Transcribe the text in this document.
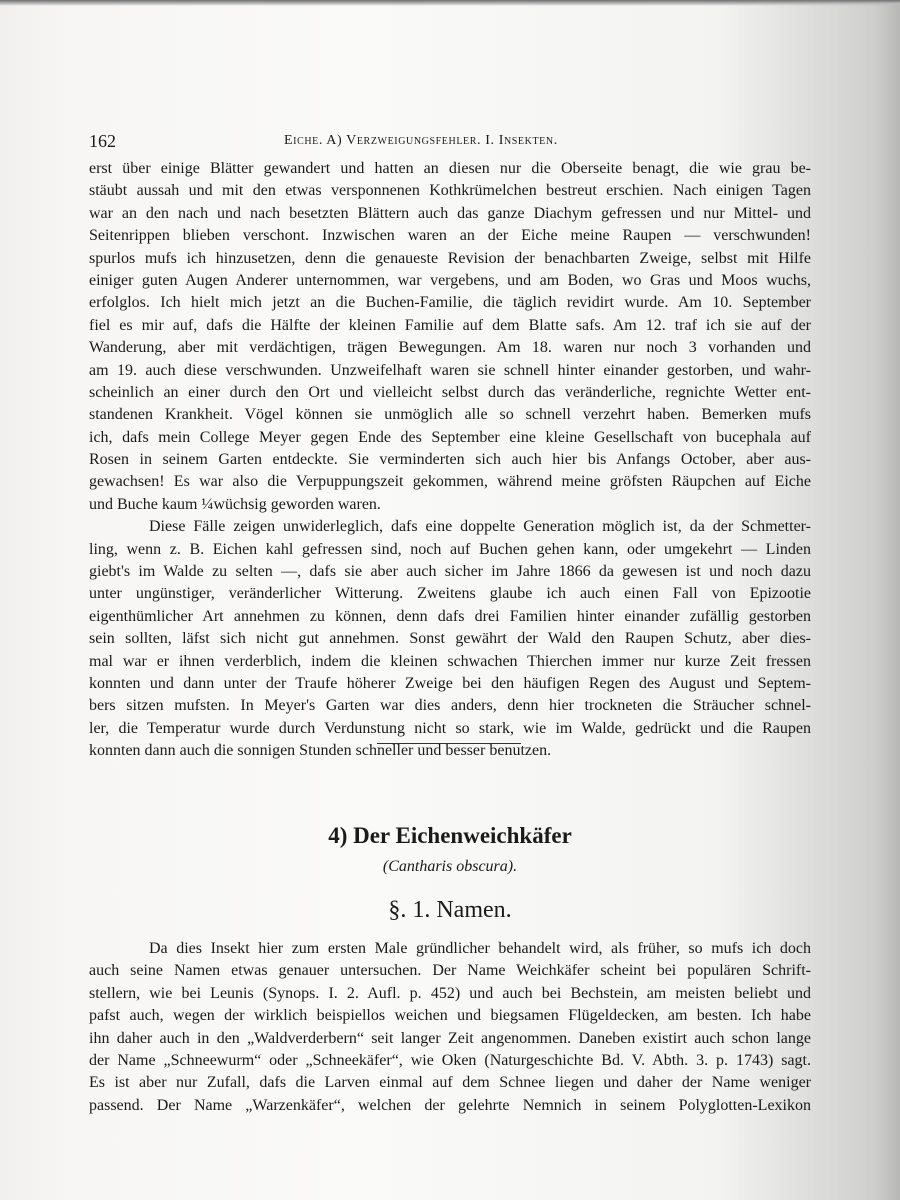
162	Eiche. A) Verzweigungsfehler. I. Insekten.
erst über einige Blätter gewandert und hatten an diesen nur die Oberseite benagt, die wie grau be-
stäubt aussah und mit den etwas versponnenen Kothkrümelchen bestreut erschien. Nach einigen Tagen
war an den nach und nach besetzten Blättern auch das ganze Diachym gefressen und nur Mittel- und
Seitenrippen blieben verschont. Inzwischen waren an der Eiche meine Raupen — verschwunden!
spurlos mufs ich hinzusetzen, denn die genaueste Revision der benachbarten Zweige, selbst mit Hilfe
einiger guten Augen Anderer unternommen, war vergebens, und am Boden, wo Gras und Moos wuchs,
erfolglos. Ich hielt mich jetzt an die Buchen-Familie, die täglich revidirt wurde. Am 10. September
fiel es mir auf, dafs die Hälfte der kleinen Familie auf dem Blatte safs. Am 12. traf ich sie auf der
Wanderung, aber mit verdächtigen, trägen Bewegungen. Am 18. waren nur noch 3 vorhanden und
am 19. auch diese verschwunden. Unzweifelhaft waren sie schnell hinter einander gestorben, und wahr-
scheinlich an einer durch den Ort und vielleicht selbst durch das veränderliche, regnichte Wetter ent-
standenen Krankheit. Vögel können sie unmöglich alle so schnell verzehrt haben. Bemerken mufs
ich, dafs mein College Meyer gegen Ende des September eine kleine Gesellschaft von bucephala auf
Rosen in seinem Garten entdeckte. Sie verminderten sich auch hier bis Anfangs October, aber aus-
gewachsen! Es war also die Verpuppungszeit gekommen, während meine gröfsten Räupchen auf Eiche
und Buche kaum ¼wüchsig geworden waren.
Diese Fälle zeigen unwiderleglich, dafs eine doppelte Generation möglich ist, da der Schmetter-
ling, wenn z. B. Eichen kahl gefressen sind, noch auf Buchen gehen kann, oder umgekehrt — Linden
giebt's im Walde zu selten —, dafs sie aber auch sicher im Jahre 1866 da gewesen ist und noch dazu
unter ungünstiger, veränderlicher Witterung. Zweitens glaube ich auch einen Fall von Epizootie
eigenthümlicher Art annehmen zu können, denn dafs drei Familien hinter einander zufällig gestorben
sein sollten, läfst sich nicht gut annehmen. Sonst gewährt der Wald den Raupen Schutz, aber dies-
mal war er ihnen verderblich, indem die kleinen schwachen Thierchen immer nur kurze Zeit fressen
konnten und dann unter der Traufe höherer Zweige bei den häufigen Regen des August und Septem-
bers sitzen mufsten. In Meyer's Garten war dies anders, denn hier trockneten die Sträucher schnel-
ler, die Temperatur wurde durch Verdunstung nicht so stark, wie im Walde, gedrückt und die Raupen
konnten dann auch die sonnigen Stunden schneller und besser benutzen.
4) Der Eichenweichkäfer
(Cantharis obscura).
§. 1. Namen.
Da dies Insekt hier zum ersten Male gründlicher behandelt wird, als früher, so mufs ich doch
auch seine Namen etwas genauer untersuchen. Der Name Weichkäfer scheint bei populären Schrift-
stellern, wie bei Leunis (Synops. I. 2. Aufl. p. 452) und auch bei Bechstein, am meisten beliebt und
pafst auch, wegen der wirklich beispiellos weichen und biegsamen Flügeldecken, am besten. Ich habe
ihn daher auch in den „Waldverderbern“ seit langer Zeit angenommen. Daneben existirt auch schon lange
der Name „Schneewurm“ oder „Schneekäfer“, wie Oken (Naturgeschichte Bd. V. Abth. 3. p. 1743) sagt.
Es ist aber nur Zufall, dafs die Larven einmal auf dem Schnee liegen und daher der Name weniger
passend. Der Name „Warzenkäfer“, welchen der gelehrte Nemnich in seinem Polyglotten-Lexikon
